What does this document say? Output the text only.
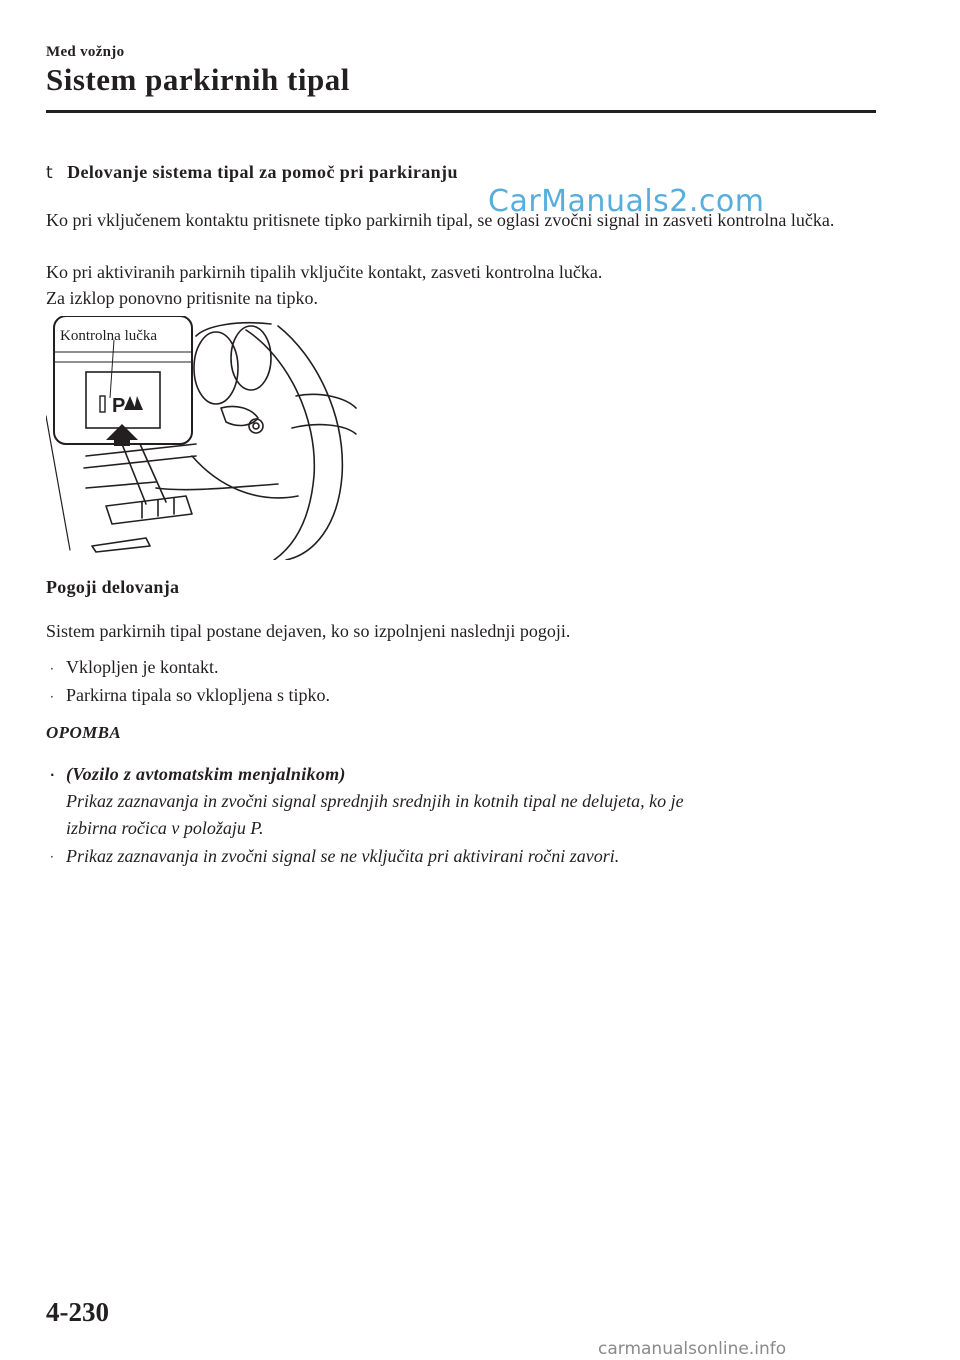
Med vožnjo
Sistem parkirnih tipal
t Delovanje sistema tipal za pomoč pri parkiranju
Ko pri vključenem kontaktu pritisnete tipko parkirnih tipal, se oglasi zvočni signal in zasveti kontrolna lučka.
Ko pri aktiviranih parkirnih tipalih vključite kontakt, zasveti kontrolna lučka.
Za izklop ponovno pritisnite na tipko.
CarManuals2.com
P
Kontrolna lučka
Pogoji delovanja
Sistem parkirnih tipal postane dejaven, ko so izpolnjeni naslednji pogoji.
· Vklopljen je kontakt.
· Parkirna tipala so vklopljena s tipko.
OPOMBA
· (Vozilo z avtomatskim menjalnikom)
Prikaz zaznavanja in zvočni signal sprednjih srednjih in kotnih tipal ne delujeta, ko je
izbirna ročica v položaju P.
· Prikaz zaznavanja in zvočni signal se ne vključita pri aktivirani ročni zavori.
4-230
carmanualsonline.info
